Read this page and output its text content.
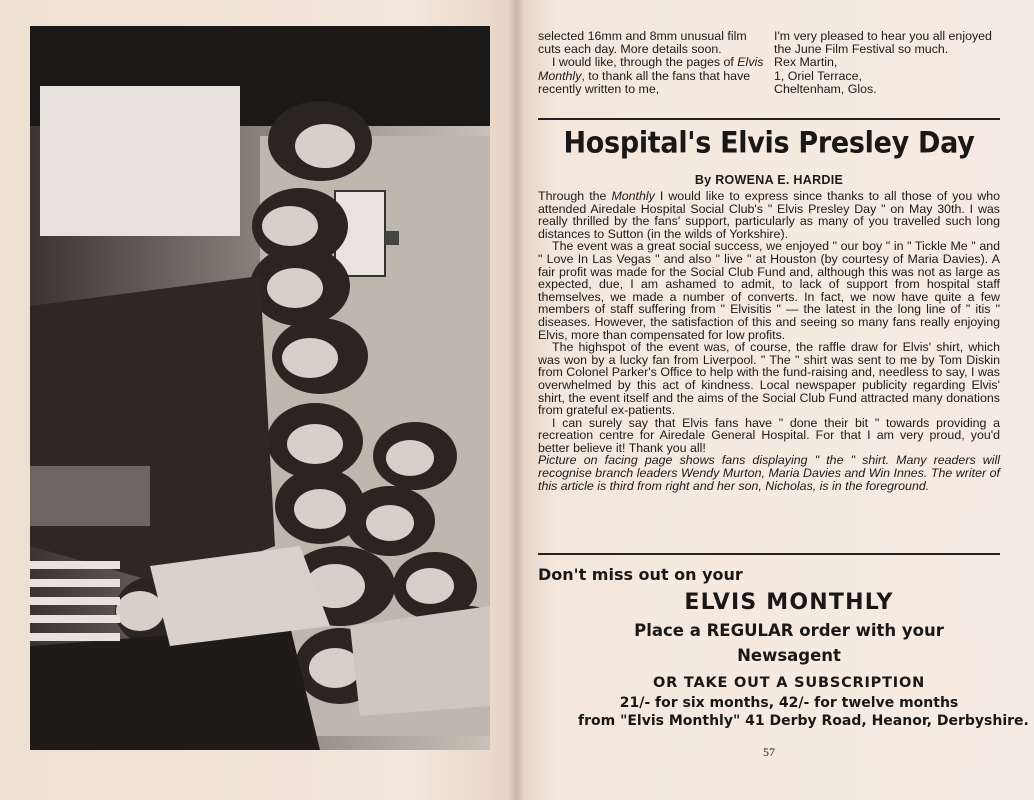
selected 16mm and 8mm unusual film cuts each day. More details soon.

I would like, through the pages of Elvis Monthly, to thank all the fans that have recently written to me,

I'm very pleased to hear you all enjoyed the June Film Festival so much.

Rex Martin,

1, Oriel Terrace,

Cheltenham, Glos.

Hospital's Elvis Presley Day
By ROWENA E. HARDIE

Through the Monthly I would like to express since thanks to all those of you who attended Airedale Hospital Social Club's " Elvis Presley Day " on May 30th. I was really thrilled by the fans' support, particularly as many of you travelled such long distances to Sutton (in the wilds of Yorkshire).

The event was a great social success, we enjoyed " our boy " in " Tickle Me " and " Love In Las Vegas " and also " live " at Houston (by courtesy of Maria Davies). A fair profit was made for the Social Club Fund and, although this was not as large as expected, due, I am ashamed to admit, to lack of support from hospital staff themselves, we made a number of converts. In fact, we now have quite a few members of staff suffering from " Elvisitis " — the latest in the long line of " itis " diseases. However, the satisfaction of this and seeing so many fans really enjoying Elvis, more than compensated for low profits.

The highspot of the event was, of course, the raffle draw for Elvis' shirt, which was won by a lucky fan from Liverpool. " The " shirt was sent to me by Tom Diskin from Colonel Parker's Office to help with the fund-raising and, needless to say, I was overwhelmed by this act of kindness. Local newspaper publicity regarding Elvis' shirt, the event itself and the aims of the Social Club Fund attracted many donations from grateful ex-patients.

I can surely say that Elvis fans have " done their bit " towards providing a recreation centre for Airedale General Hospital. For that I am very proud, you'd better believe it! Thank you all!

Picture on facing page shows fans displaying " the " shirt. Many readers will recognise branch leaders Wendy Murton, Maria Davies and Win Innes. The writer of this article is third from right and her son, Nicholas, is in the foreground.

Don't miss out on your
ELVIS MONTHLY
Place a REGULAR order with your
Newsagent
OR TAKE OUT A SUBSCRIPTION
21/- for six months, 42/- for twelve months
from "Elvis Monthly" 41 Derby Road, Heanor, Derbyshire.
57
